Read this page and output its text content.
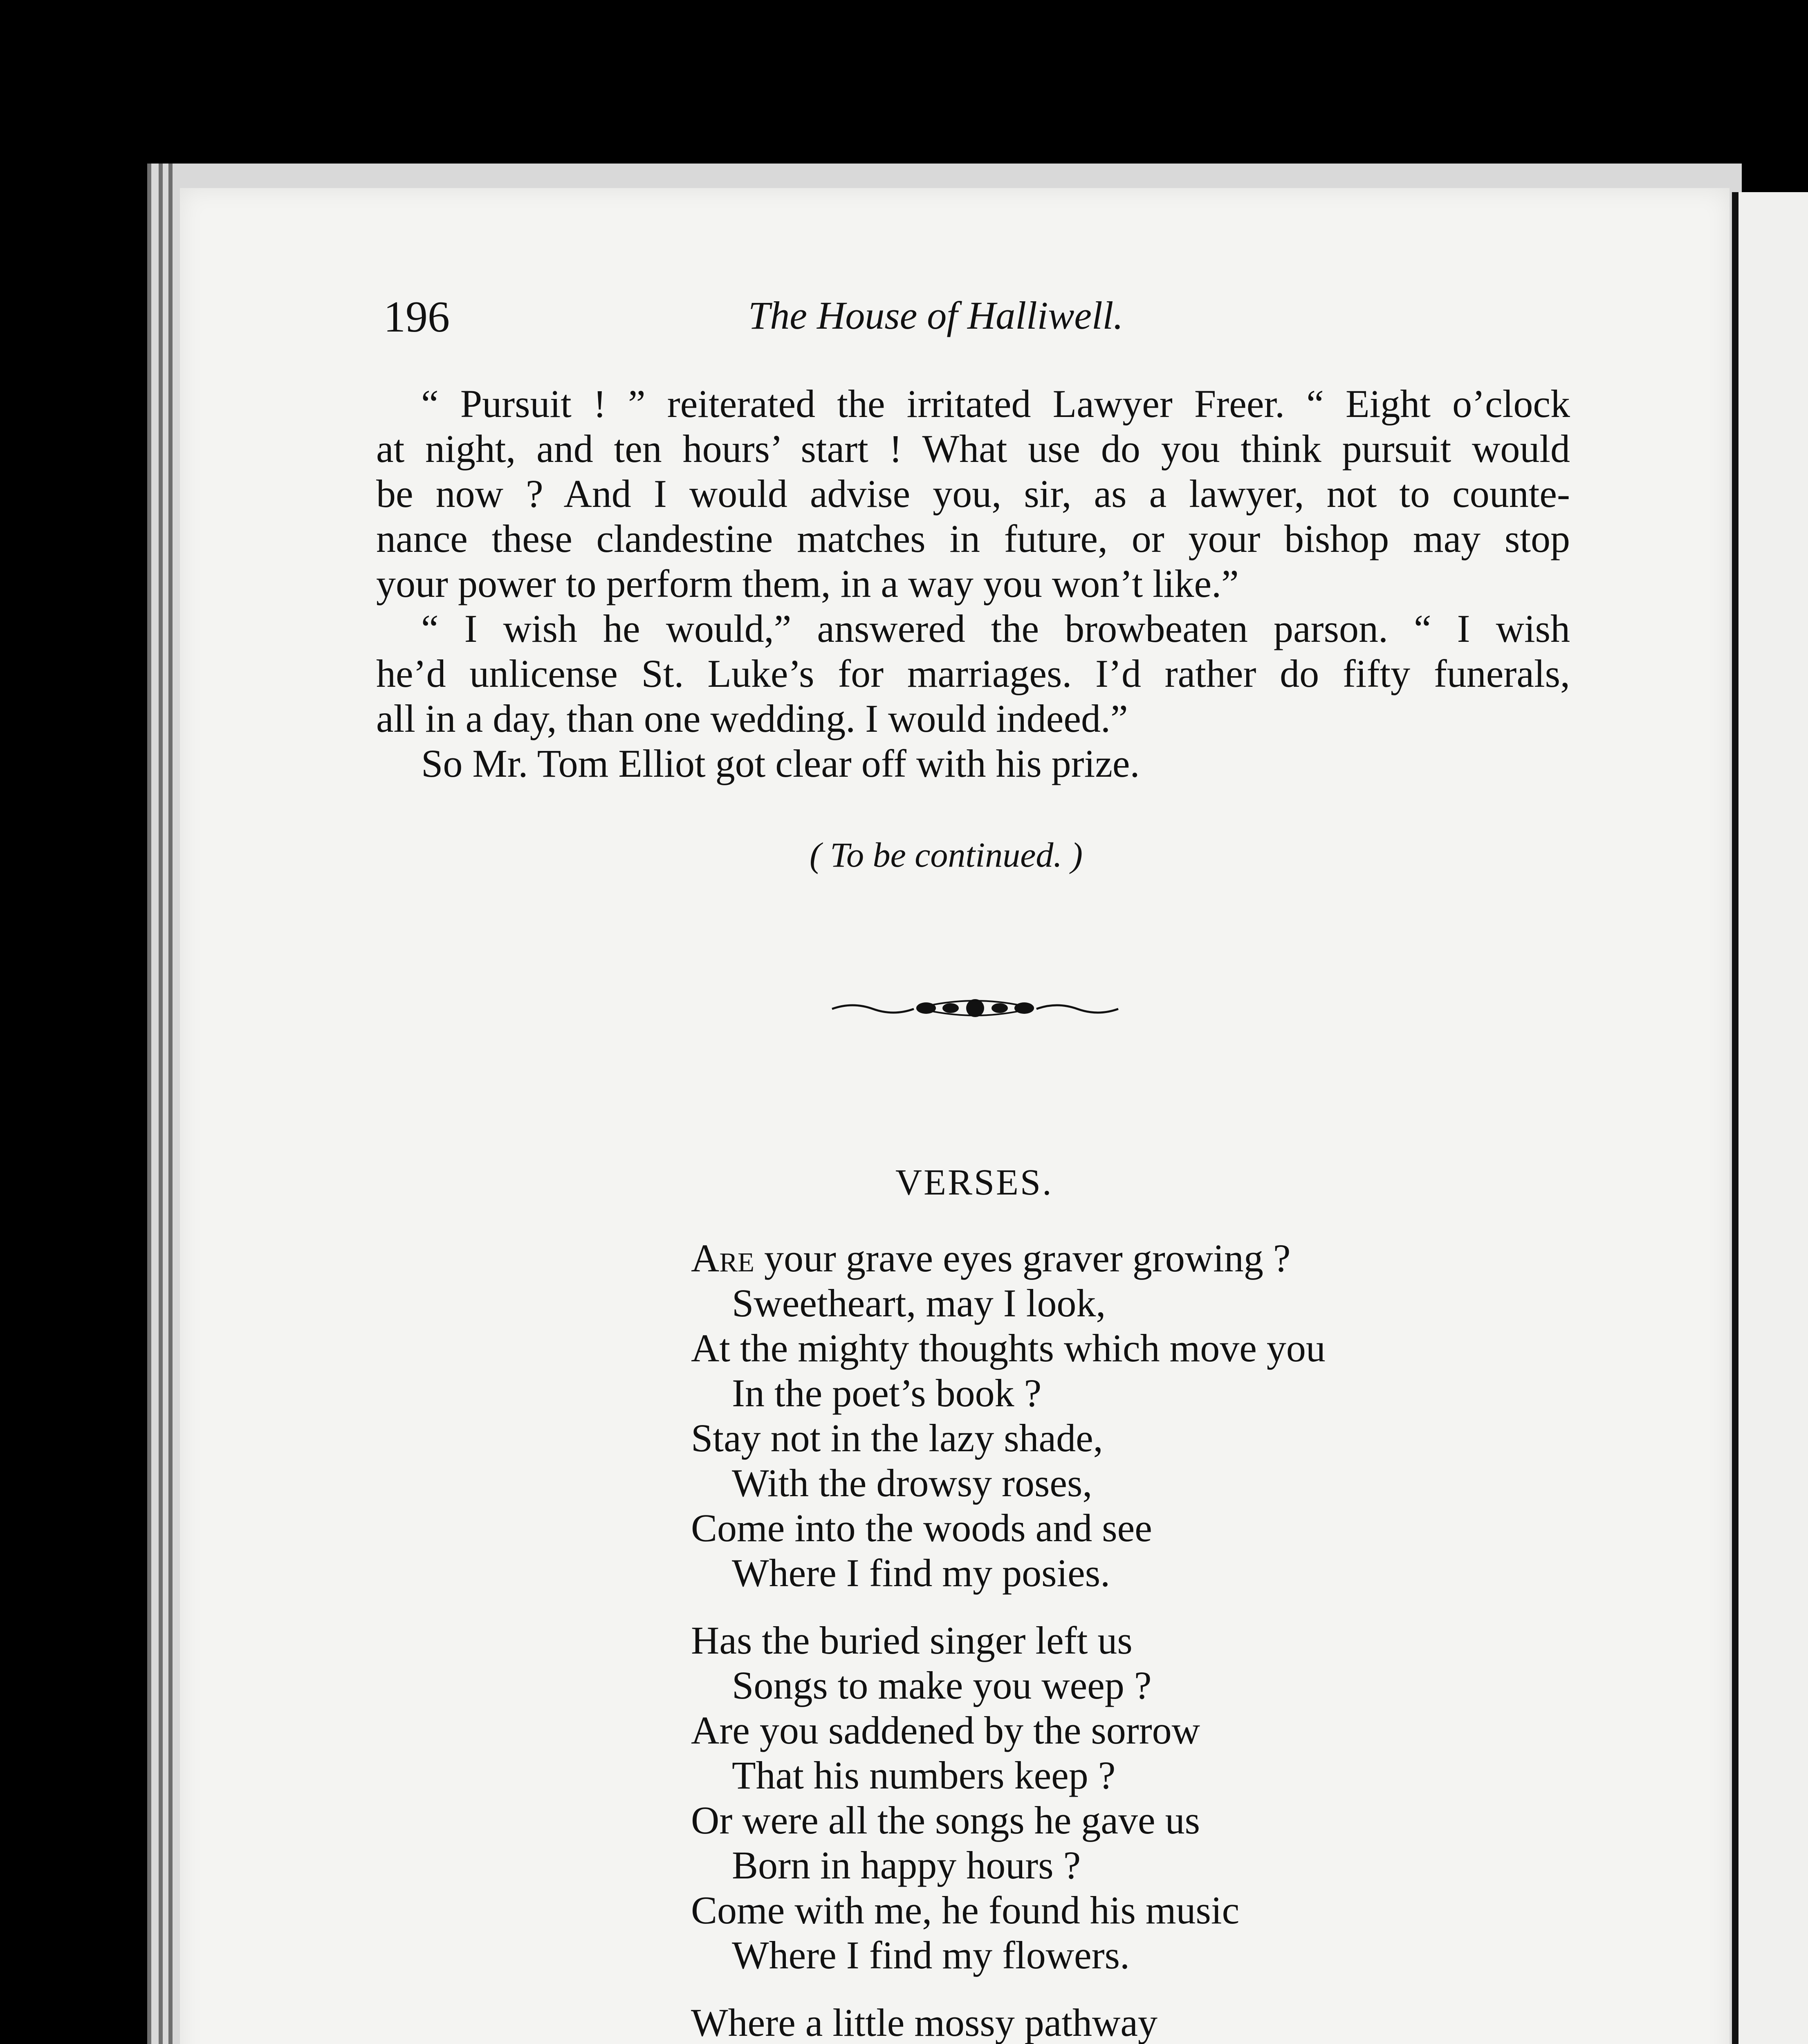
196	The House of Halliwell.
“ Pursuit ! ” reiterated the irritated Lawyer Freer. “ Eight o’clock
at night, and ten hours’ start ! What use do you think pursuit would
be now ? And I would advise you, sir, as a lawyer, not to counte-
nance these clandestine matches in future, or your bishop may stop
your power to perform them, in a way you won’t like.”
“ I wish he would,” answered the browbeaten parson. “ I wish
he’d unlicense St. Luke’s for marriages. I’d rather do fifty funerals,
all in a day, than one wedding. I would indeed.”
So Mr. Tom Elliot got clear off with his prize.
( To be continued. )
VERSES.
Are your grave eyes graver growing ?
Sweetheart, may I look,
At the mighty thoughts which move you
In the poet’s book ?
Stay not in the lazy shade,
With the drowsy roses,
Come into the woods and see
Where I find my posies.
Has the buried singer left us
Songs to make you weep ?
Are you saddened by the sorrow
That his numbers keep ?
Or were all the songs he gave us
Born in happy hours ?
Come with me, he found his music
Where I find my flowers.
Where a little mossy pathway
